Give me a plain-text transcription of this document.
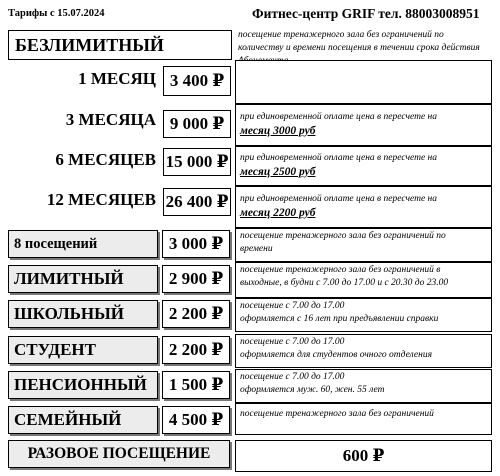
Тарифы с 15.07.2024	Фитнес-центр GRIF тел. 88003008951
БЕЗЛИМИТНЫЙ	посещение тренажерного зала без ограничений по количеству и времени посещения в течении срока действия
1 МЕСЯЦ 3 400 ₽
3 МЕСЯЦА 9 000 ₽	при единовременной оплате цена в пересчете на
месяц 3000 руб
6 МЕСЯЦЕВ 15 000 ₽ при единовременной оплате цена в пересчете на
месяц 2500 руб
12 МЕСЯЦЕВ 26 400 ₽ при единовременной оплате цена в пересчете на
месяц 2200 руб
8 посещений	3 000 ₽	посещение тренажерного зала без ограничений по
времени
ЛИМИТНЫЙ	2 900 ₽	посещение тренажерного зала без ограничений в
выходные, в будни с 7.00 до 17.00 и с 20.30 до 23.00
ШКОЛЬНЫЙ	2 200 ₽	посещение с 7.00 до 17.00
оформляется с 16 лет при предъявлении справки
СТУДЕНТ	2 200 ₽	посещение с 7.00 до 17.00
оформляется для студентов очного отделения
ПЕНСИОННЫЙ	1 500 ₽	посещение с 7.00 до 17.00
оформляется муж. 60, жен. 55 лет
СЕМЕЙНЫЙ	4 500 ₽	посещение тренажерного зала без ограничений
РАЗОВОЕ ПОСЕЩЕНИЕ	600 ₽
